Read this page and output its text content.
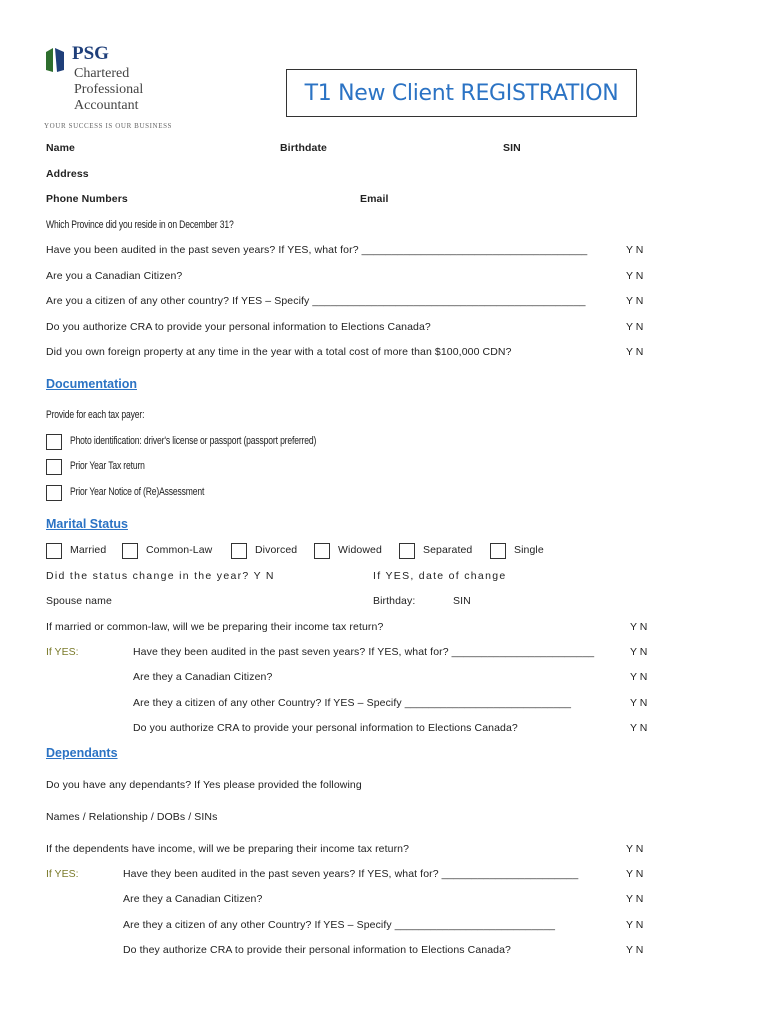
PSG
Chartered
Professional
Accountant
YOUR SUCCESS IS OUR BUSINESS
T1 New Client REGISTRATION
Name	Birthdate	SIN
Address
Phone Numbers	Email
Which Province did you reside in on December 31?
Have you been audited in the past seven years? If YES, what for? ______________________________________	Y N
Are you a Canadian Citizen?	Y N
Are you a citizen of any other country? If YES – Specify ______________________________________________	Y N
Do you authorize CRA to provide your personal information to Elections Canada?	Y N
Did you own foreign property at any time in the year with a total cost of more than $100,000 CDN?	Y N
Documentation
Provide for each tax payer:
Photo identification: driver's license or passport (passport preferred)
Prior Year Tax return
Prior Year Notice of (Re)Assessment
Marital Status
Married	Common-Law	Divorced	Widowed	Separated	Single
Did the status change in the year? Y N	If YES, date of change
Spouse name	Birthday:	SIN
If married or common-law, will we be preparing their income tax return?	Y N
If YES:	Have they been audited in the past seven years? If YES, what for? ________________________	Y N
Are they a Canadian Citizen?	Y N
Are they a citizen of any other Country? If YES – Specify ____________________________	Y N
Do you authorize CRA to provide your personal information to Elections Canada?	Y N
Dependants
Do you have any dependants? If Yes please provided the following
Names / Relationship / DOBs / SINs
If the dependents have income, will we be preparing their income tax return?	Y N
If YES:	Have they been audited in the past seven years? If YES, what for? _______________________	Y N
Are they a Canadian Citizen?	Y N
Are they a citizen of any other Country? If YES – Specify ___________________________	Y N
Do they authorize CRA to provide their personal information to Elections Canada?	Y N
